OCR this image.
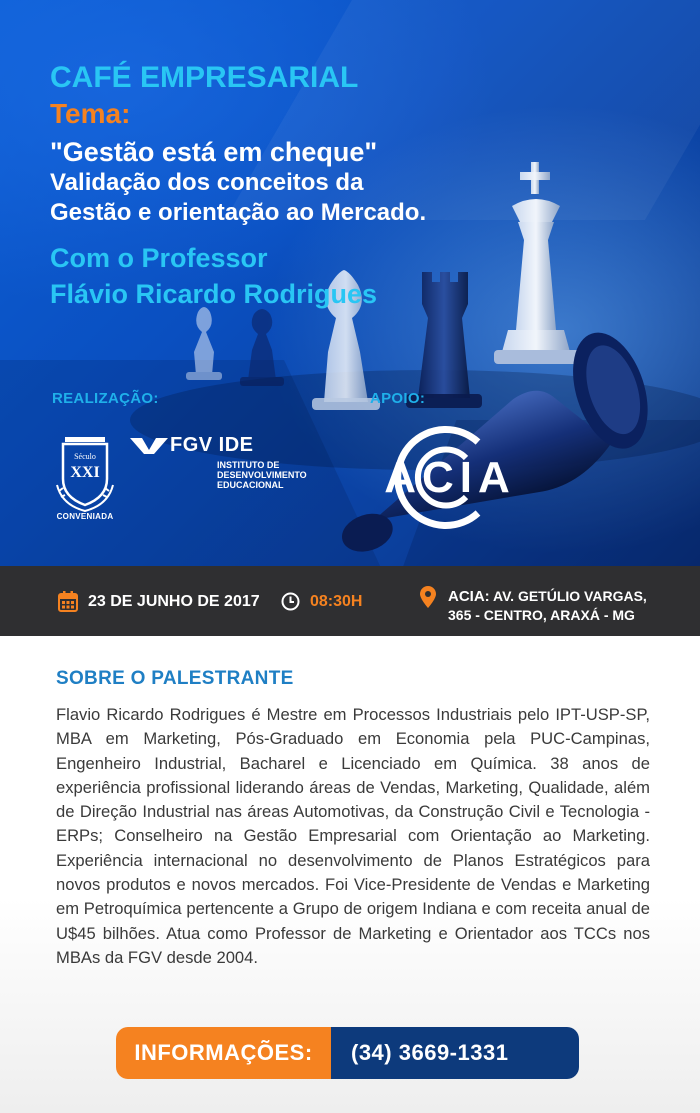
CAFÉ EMPRESARIAL
Tema:
"Gestão está em cheque"
Validação dos conceitos da
Gestão e orientação ao Mercado.
Com o Professor
Flávio Ricardo Rodrigues
REALIZAÇÃO:	APOIO:
Século
XXI
CONVENIADA
FGV IDE
INSTITUTO DE
DESENVOLVIMENTO
EDUCACIONAL	ACIA
23 DE JUNHO DE 2017	08:30H	ACIA: AV. GETÚLIO VARGAS,
365 - CENTRO, ARAXÁ - MG
SOBRE O PALESTRANTE
Flavio Ricardo Rodrigues é Mestre em Processos Industriais pelo IPT-USP-SP, MBA em Marketing, Pós-Graduado em Economia pela PUC-Campinas, Engenheiro Industrial, Bacharel e Licenciado em Química. 38 anos de experiência profissional liderando áreas de Vendas, Marketing, Qualidade, além de Direção Industrial nas áreas Automotivas, da Construção Civil e Tecnologia - ERPs; Conselheiro na Gestão Empresarial com Orientação ao Marketing. Experiência internacional no desenvolvimento de Planos Estratégicos para novos produtos e novos mercados. Foi Vice-Presidente de Vendas e Marketing em Petroquímica pertencente a Grupo de origem Indiana e com receita anual de U$45 bilhões. Atua como Professor de Marketing e Orientador aos TCCs nos MBAs da FGV desde 2004.
INFORMAÇÕES:	(34) 3669-1331
